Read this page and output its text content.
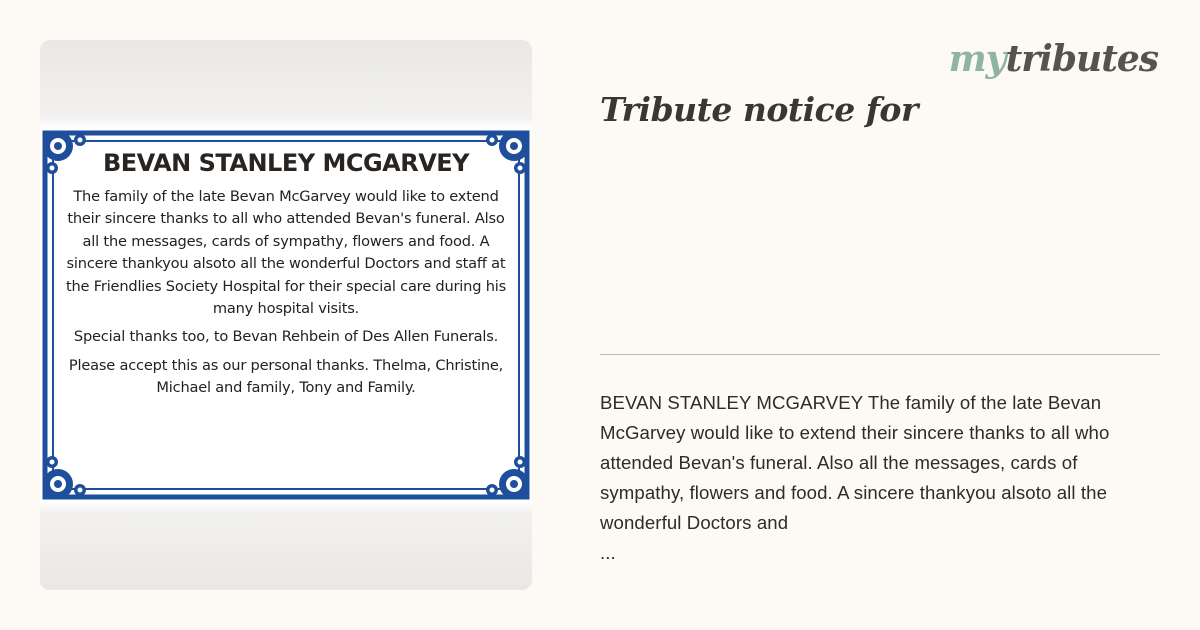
BEVAN STANLEY MCGARVEY

The family of the late Bevan McGarvey would like to extend their sincere thanks to all who attended Bevan's funeral. Also all the messages, cards of sympathy, flowers and food. A sincere thankyou alsoto all the wonderful Doctors and staff at the Friendlies Society Hospital for their special care during his many hospital visits.

Special thanks too, to Bevan Rehbein of Des Allen Funerals.

Please accept this as our personal thanks. Thelma, Christine, Michael and family, Tony and Family.

mytributes
Tribute notice for

BEVAN STANLEY MCGARVEY The family of the late Bevan McGarvey would like to extend their sincere thanks to all who attended Bevan's funeral. Also all the messages, cards of sympathy, flowers and food. A sincere thankyou alsoto all the wonderful Doctors and
...
